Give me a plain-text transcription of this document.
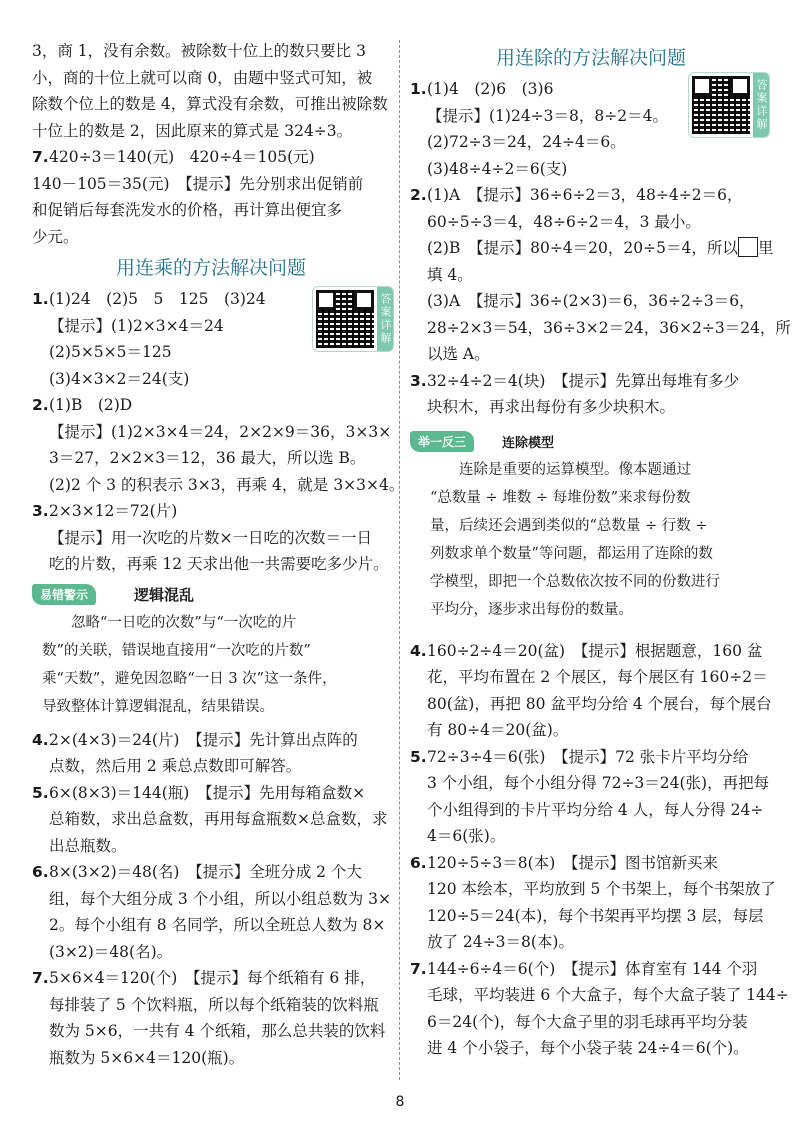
3，商 1，没有余数。被除数十位上的数只要比 3
小，商的十位上就可以商 0，由题中竖式可知，被
除数个位上的数是 4，算式没有余数，可推出被除数
十位上的数是 2，因此原来的算式是 324÷3。
7.420÷3＝140(元)　420÷4＝105(元)
140－105＝35(元)　【提示】先分别求出促销前
和促销后每套洗发水的价格，再计算出便宜多
少元。
用连乘的方法解决问题
答案详解
1.(1)24　(2)5　5　125　(3)24
【提示】(1)2×3×4＝24
(2)5×5×5＝125
(3)4×3×2＝24(支)
2.(1)B　(2)D
【提示】(1)2×3×4＝24，2×2×9＝36，3×3×
3＝27，2×2×3＝12，36 最大，所以选 B。
(2)2 个 3 的积表示 3×3，再乘 4，就是 3×3×4。
3.2×3×12＝72(片)
【提示】用一次吃的片数×一日吃的次数＝一日
吃的片数，再乘 12 天求出他一共需要吃多少片。
易错警示	逻辑混乱
忽略“一日吃的次数”与“一次吃的片
数”的关联，错误地直接用“一次吃的片数”
乘“天数”，避免因忽略“一日 3 次”这一条件，
导致整体计算逻辑混乱，结果错误。
4.2×(4×3)＝24(片)　【提示】先计算出点阵的
点数，然后用 2 乘总点数即可解答。
5.6×(8×3)＝144(瓶)　【提示】先用每箱盒数×
总箱数，求出总盒数，再用每盒瓶数×总盒数，求
出总瓶数。
6.8×(3×2)＝48(名)　【提示】全班分成 2 个大
组，每个大组分成 3 个小组，所以小组总数为 3×
2。每个小组有 8 名同学，所以全班总人数为 8×
(3×2)＝48(名)。
7.5×6×4＝120(个)　【提示】每个纸箱有 6 排，
每排装了 5 个饮料瓶，所以每个纸箱装的饮料瓶
数为 5×6，一共有 4 个纸箱，那么总共装的饮料
瓶数为 5×6×4＝120(瓶)。
用连除的方法解决问题
答案详解
1.(1)4　(2)6　(3)6
【提示】(1)24÷3＝8，8÷2＝4。
(2)72÷3＝24，24÷4＝6。
(3)48÷4÷2＝6(支)
2.(1)A　【提示】36÷6÷2＝3，48÷4÷2＝6，
60÷5÷3＝4，48÷6÷2＝4，3 最小。
(2)B　【提示】80÷4＝20，20÷5＝4，所以 里
填 4。
(3)A　【提示】36÷(2×3)＝6，36÷2÷3＝6，
28÷2×3＝54，36÷3×2＝24，36×2÷3＝24，所
以选 A。
3.32÷4÷2＝4(块)　【提示】先算出每堆有多少
块积木，再求出每份有多少块积木。
举一反三	连除模型
连除是重要的运算模型。像本题通过
“总数量 ÷ 堆数 ÷ 每堆份数”来求每份数
量，后续还会遇到类似的“总数量 ÷ 行数 ÷
列数求单个数量”等问题，都运用了连除的数
学模型，即把一个总数依次按不同的份数进行
平均分，逐步求出每份的数量。
4.160÷2÷4＝20(盆)　【提示】根据题意，160 盆
花，平均布置在 2 个展区，每个展区有 160÷2＝
80(盆)，再把 80 盆平均分给 4 个展台，每个展台
有 80÷4＝20(盆)。
5.72÷3÷4＝6(张)　【提示】72 张卡片平均分给
3 个小组，每个小组分得 72÷3＝24(张)，再把每
个小组得到的卡片平均分给 4 人，每人分得 24÷
4＝6(张)。
6.120÷5÷3＝8(本)　【提示】图书馆新买来
120 本绘本，平均放到 5 个书架上，每个书架放了
120÷5＝24(本)，每个书架再平均摆 3 层，每层
放了 24÷3＝8(本)。
7.144÷6÷4＝6(个)　【提示】体育室有 144 个羽
毛球，平均装进 6 个大盒子，每个大盒子装了 144÷
6＝24(个)，每个大盒子里的羽毛球再平均分装
进 4 个小袋子，每个小袋子装 24÷4＝6(个)。
8
